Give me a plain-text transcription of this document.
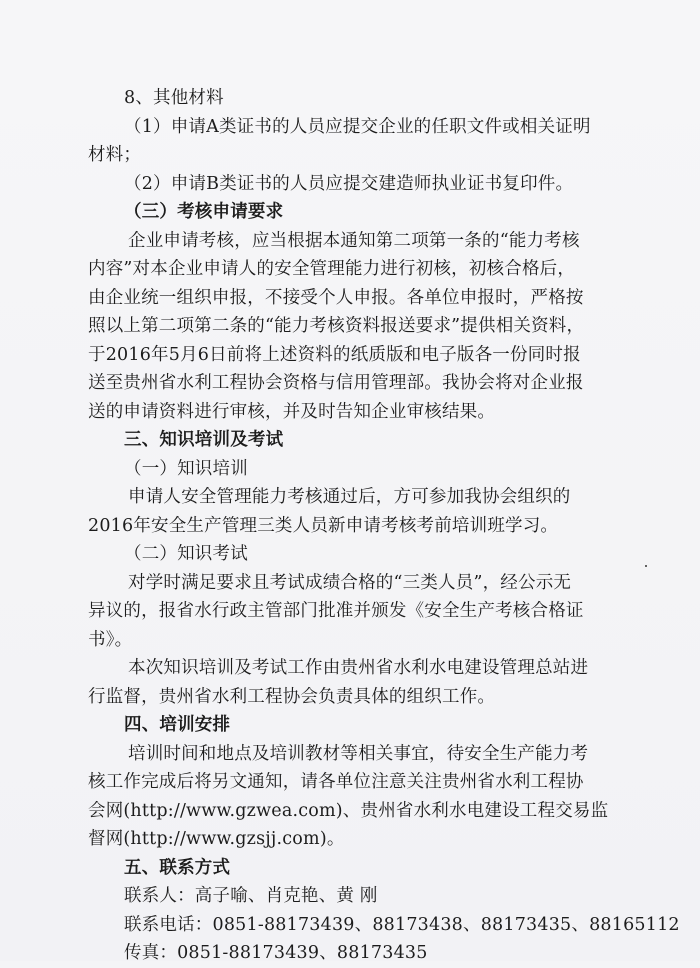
8、其他材料
（1）申请A类证书的人员应提交企业的任职文件或相关证明
材料；
（2）申请B类证书的人员应提交建造师执业证书复印件。
（三）考核申请要求
企业申请考核，应当根据本通知第二项第一条的“能力考核
内容”对本企业申请人的安全管理能力进行初核，初核合格后，
由企业统一组织申报，不接受个人申报。各单位申报时，严格按
照以上第二项第二条的“能力考核资料报送要求”提供相关资料，
于2016年5月6日前将上述资料的纸质版和电子版各一份同时报
送至贵州省水利工程协会资格与信用管理部。我协会将对企业报
送的申请资料进行审核，并及时告知企业审核结果。
三、知识培训及考试
（一）知识培训
申请人安全管理能力考核通过后，方可参加我协会组织的
2016年安全生产管理三类人员新申请考核考前培训班学习。
（二）知识考试
对学时满足要求且考试成绩合格的“三类人员”，经公示无
异议的，报省水行政主管部门批准并颁发《安全生产考核合格证
书》。
本次知识培训及考试工作由贵州省水利水电建设管理总站进
行监督，贵州省水利工程协会负责具体的组织工作。
四、培训安排
培训时间和地点及培训教材等相关事宜，待安全生产能力考
核工作完成后将另文通知，请各单位注意关注贵州省水利工程协
会网(http://www.gzwea.com)、贵州省水利水电建设工程交易监
督网(http://www.gzsjj.com)。
五、联系方式
联系人：高子喻、肖克艳、黄 刚
联系电话：0851-88173439、88173438、88173435、88165112
传真：0851-88173439、88173435
